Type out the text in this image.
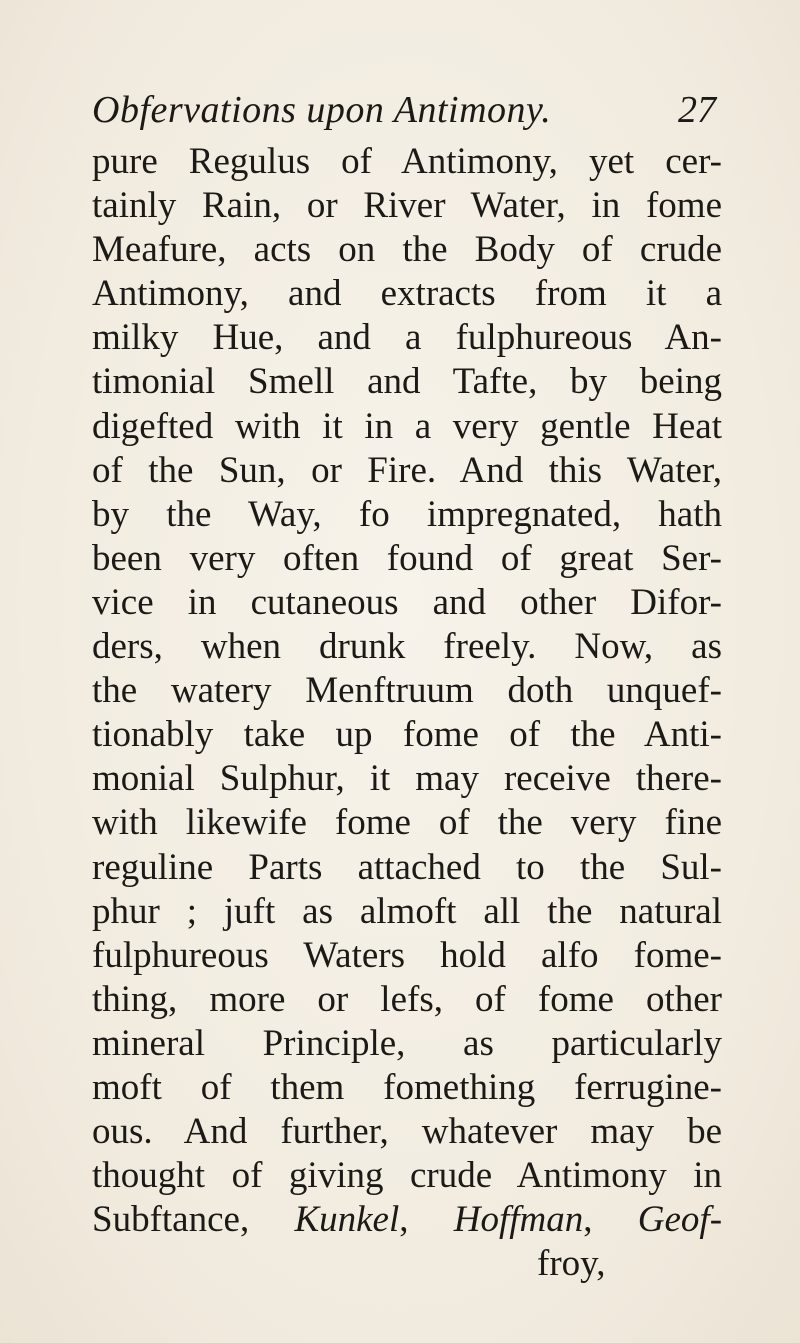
Obfervations upon Antimony.	27
pure Regulus of Antimony, yet cer-
tainly Rain, or River Water, in fome
Meafure, acts on the Body of crude
Antimony, and extracts from it a
milky Hue, and a fulphureous An-
timonial Smell and Tafte, by being
digefted with it in a very gentle Heat
of the Sun, or Fire. And this Water,
by the Way, fo impregnated, hath
been very often found of great Ser-
vice in cutaneous and other Difor-
ders, when drunk freely. Now, as
the watery Menftruum doth unquef-
tionably take up fome of the Anti-
monial Sulphur, it may receive there-
with likewife fome of the very fine
reguline Parts attached to the Sul-
phur ; juft as almoft all the natural
fulphureous Waters hold alfo fome-
thing, more or lefs, of fome other
mineral Principle, as particularly
moft of them fomething ferrugine-
ous. And further, whatever may be
thought of giving crude Antimony in
Subftance, Kunkel, Hoffman, Geof-
froy,
